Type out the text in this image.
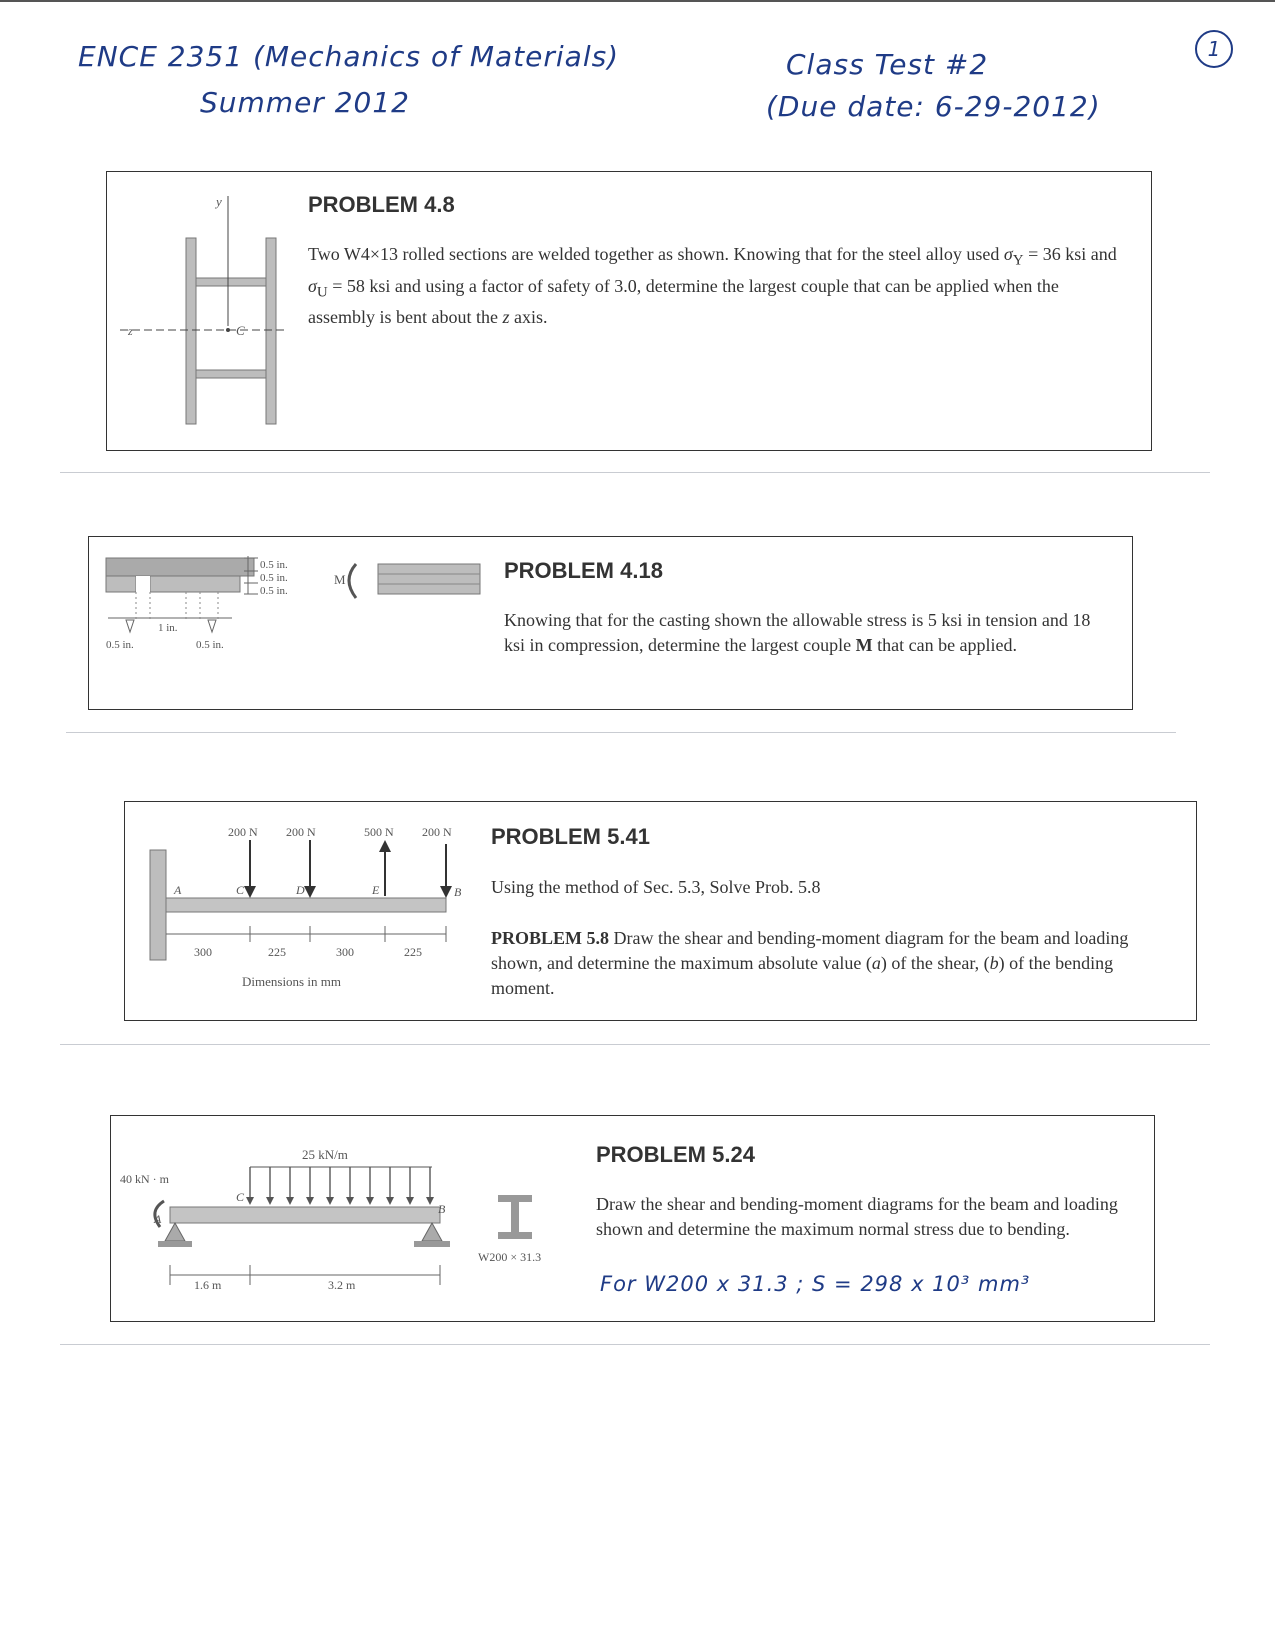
ENCE 2351 (Mechanics of Materials)
Summer 2012
Class Test #2
(Due date: 6-29-2012)
1
y
z	C
PROBLEM 4.8
Two W4×13 rolled sections are welded together as shown. Knowing that for the steel alloy used $\sigma_Y = 36$ ksi and $\sigma_U = 58$ ksi and using a factor of safety of 3.0, determine the largest couple that can be applied when the assembly is bent about the z axis.
0.5 in.
0.5 in.
0.5 in.
1 in.
0.5 in.	0.5 in.
M	PROBLEM 4.18
Knowing that for the casting shown the allowable stress is 5 ksi in tension and 18 ksi in compression, determine the largest couple M that can be applied.
200 N 200 N	500 N 200 N
A	C	D	E	B
300	225	300	225
Dimensions in mm
PROBLEM 5.41
Using the method of Sec. 5.3, Solve Prob. 5.8
PROBLEM 5.8 Draw the shear and bending-moment diagram for the beam and loading shown, and determine the maximum absolute value (a) of the shear, (b) of the bending moment.
25 kN/m
40 kN · m
A
C
B
1.6 m	3.2 m
W200 × 31.3
PROBLEM 5.24
Draw the shear and bending-moment diagrams for the beam and loading shown and determine the maximum normal stress due to bending.
For W200 x 31.3 ; S = 298 x 10³ mm³
